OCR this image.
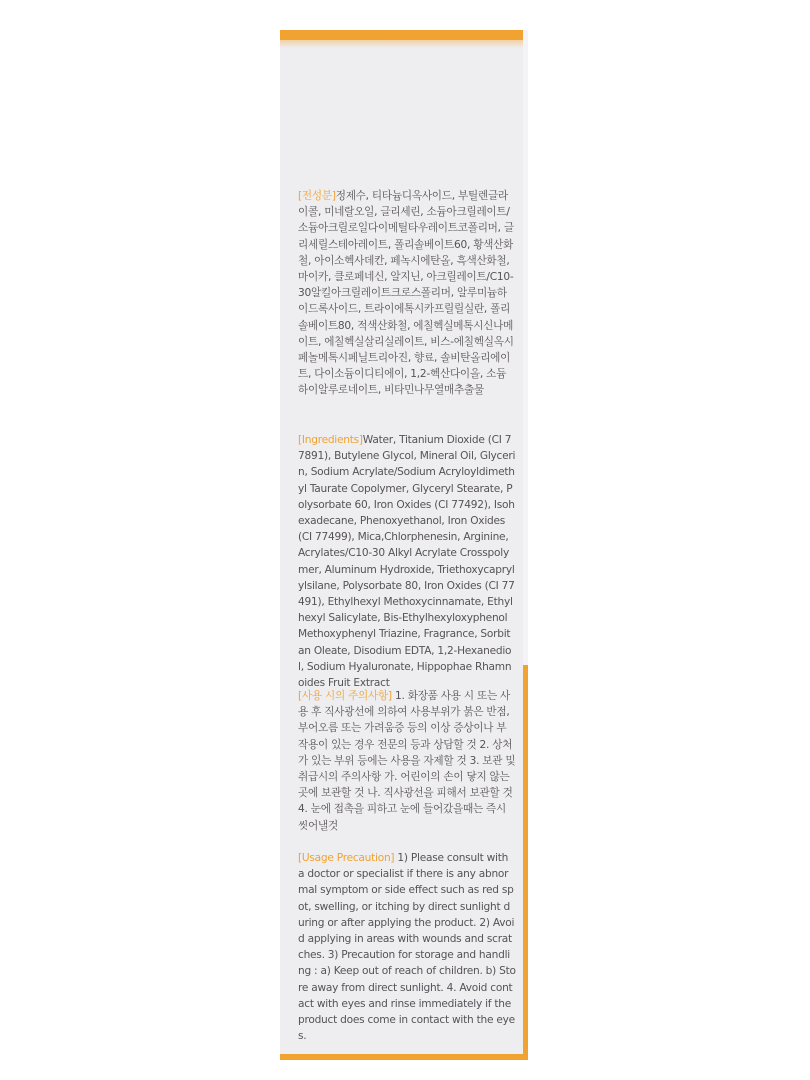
[전성분]정제수, 티타늄디옥사이드, 부틸렌글라이콜, 미네랄오일, 글리세린, 소듐아크릴레이트/소듐아크릴로일다이메틸타우레이트코폴리머, 글리세릴스테아레이트, 폴리솔베이트60, 황색산화철, 아이소헥사데칸, 페녹시에탄올, 흑색산화철, 마이카, 클로페네신, 알지닌, 아크릴레이트/C10-30알킬아크릴레이트크로스폴리머, 알루미늄하이드록사이드, 트라이에톡시카프릴릴실란, 폴리솔베이트80, 적색산화철, 에칠헥실메톡시신나메이트, 에칠헥실살리실레이트, 비스-에칠헥실옥시페놀메톡시페닐트리아진, 향료, 솔비탄올리에이트, 다이소듐이디티에이, 1,2-헥산다이올, 소듐하이알루로네이트, 비타민나무열매추출물
[Ingredients]Water, Titanium Dioxide (CI 77891), Butylene Glycol, Mineral Oil, Glycerin, Sodium Acrylate/Sodium Acryloyldimethyl Taurate Copolymer, Glyceryl Stearate, Polysorbate 60, Iron Oxides (CI 77492), Isohexadecane, Phenoxyethanol, Iron Oxides (CI 77499), Mica,Chlorphenesin, Arginine, Acrylates/C10-30 Alkyl Acrylate Crosspolymer, Aluminum Hydroxide, Triethoxycaprylylsilane, Polysorbate 80, Iron Oxides (CI 77491), Ethylhexyl Methoxycinnamate, Ethylhexyl Salicylate, Bis-Ethylhexyloxyphenol Methoxyphenyl Triazine, Fragrance, Sorbitan Oleate, Disodium EDTA, 1,2-Hexanediol, Sodium Hyaluronate, Hippophae Rhamnoides Fruit Extract
[사용 시의 주의사항] 1. 화장품 사용 시 또는 사용 후 직사광선에 의하여 사용부위가 붉은 반점, 부어오름 또는 가려움증 등의 이상 증상이나 부작용이 있는 경우 전문의 등과 상담할 것 2. 상처가 있는 부위 등에는 사용을 자제할 것 3. 보관 및 취급시의 주의사항 가. 어린이의 손이 닿지 않는 곳에 보관할 것 나. 직사광선을 피해서 보관할 것 4. 눈에 접촉을 피하고 눈에 들어갔을때는 즉시 씻어낼것
[Usage Precaution] 1) Please consult with a doctor or specialist if there is any abnormal symptom or side effect such as red spot, swelling, or itching by direct sunlight during or after applying the product. 2) Avoid applying in areas with wounds and scratches. 3) Precaution for storage and handling : a) Keep out of reach of children. b) Store away from direct sunlight. 4. Avoid contact with eyes and rinse immediately if the product does come in contact with the eyes.
